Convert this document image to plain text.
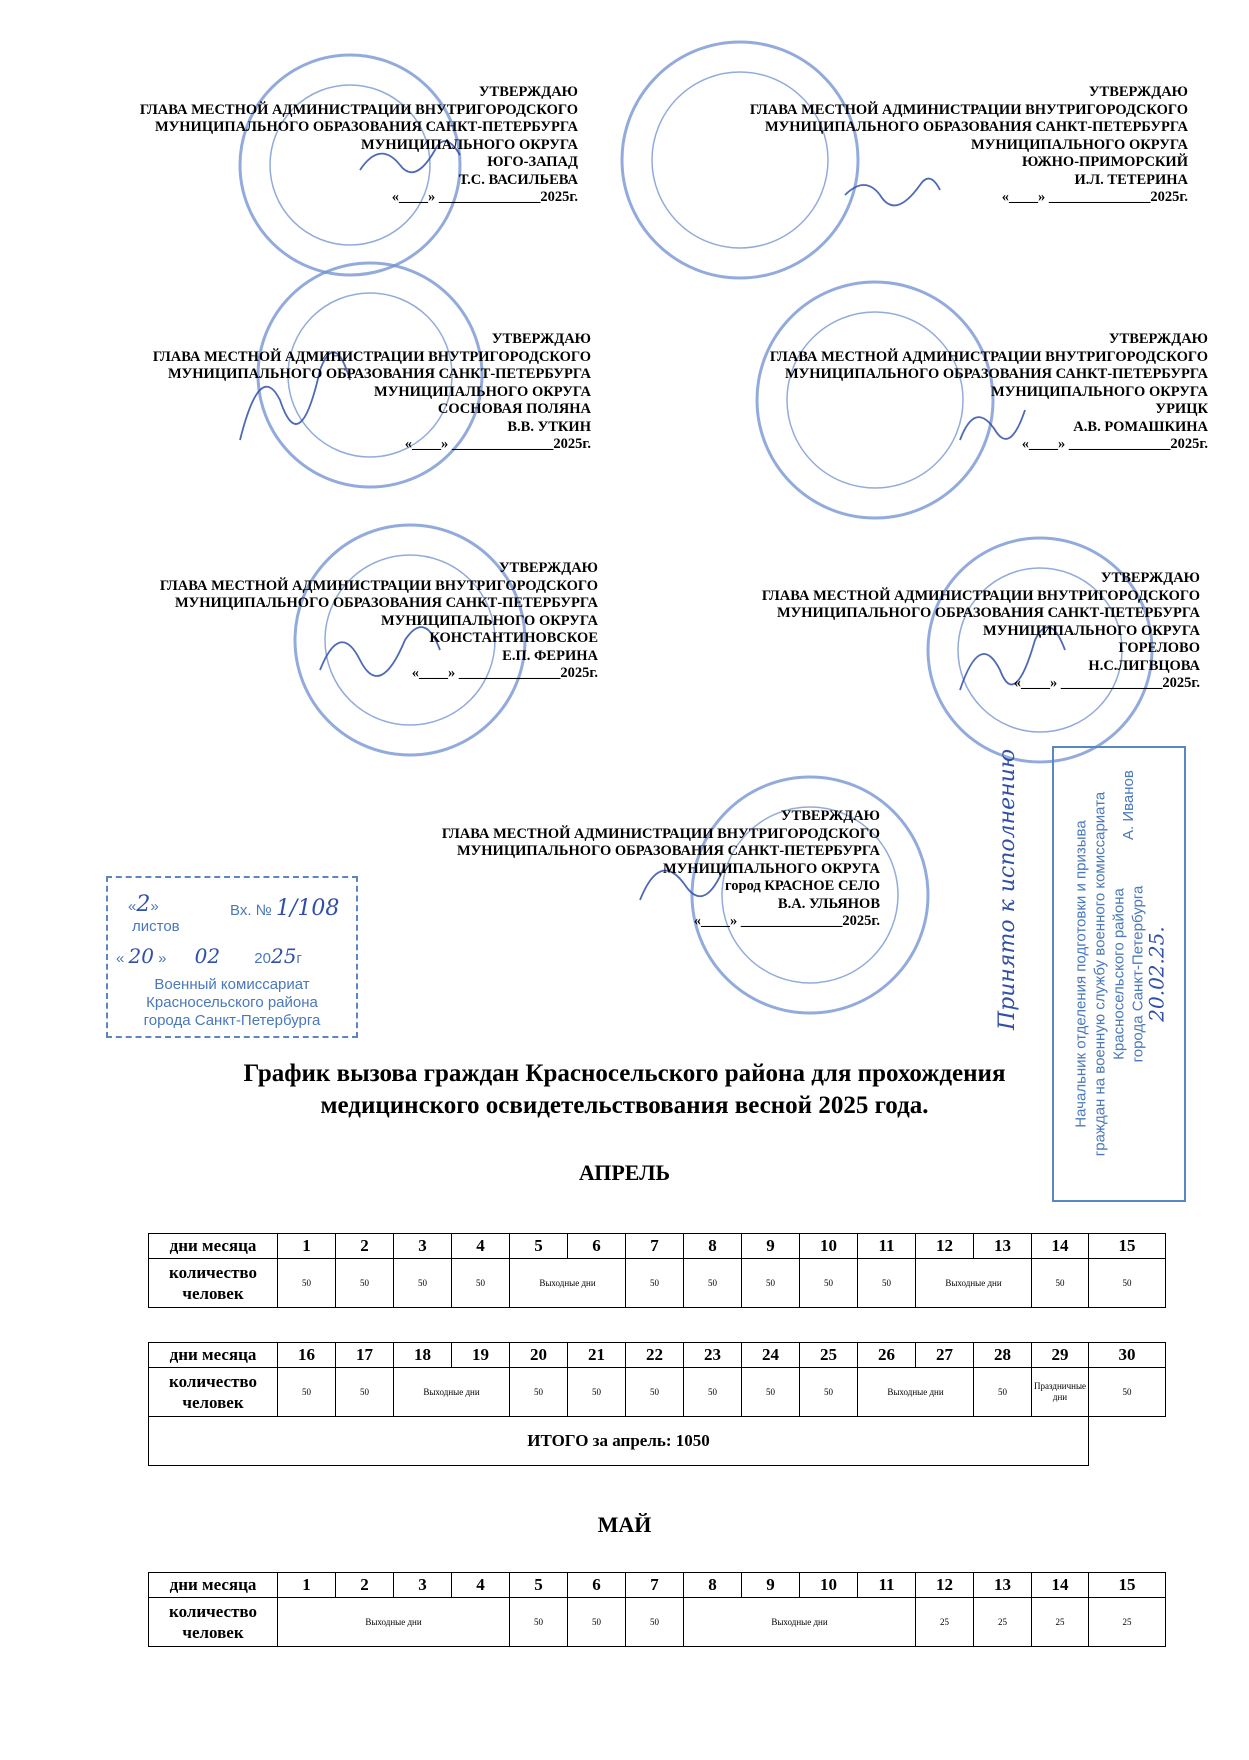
УТВЕРЖДАЮ
ГЛАВА МЕСТНОЙ АДМИНИСТРАЦИИ ВНУТРИГОРОДСКОГО
МУНИЦИПАЛЬНОГО ОБРАЗОВАНИЯ САНКТ-ПЕТЕРБУРГА
МУНИЦИПАЛЬНОГО ОКРУГА
ЮГО-ЗАПАД
Т.С. ВАСИЛЬЕВА
«____» ______________2025г.
УТВЕРЖДАЮ
ГЛАВА МЕСТНОЙ АДМИНИСТРАЦИИ ВНУТРИГОРОДСКОГО
МУНИЦИПАЛЬНОГО ОБРАЗОВАНИЯ САНКТ-ПЕТЕРБУРГА
МУНИЦИПАЛЬНОГО ОКРУГА
ЮЖНО-ПРИМОРСКИЙ
И.Л. ТЕТЕРИНА
«____» ______________2025г.
УТВЕРЖДАЮ
ГЛАВА МЕСТНОЙ АДМИНИСТРАЦИИ ВНУТРИГОРОДСКОГО
МУНИЦИПАЛЬНОГО ОБРАЗОВАНИЯ САНКТ-ПЕТЕРБУРГА
МУНИЦИПАЛЬНОГО ОКРУГА
СОСНОВАЯ ПОЛЯНА
В.В. УТКИН
«____» ______________2025г.
УТВЕРЖДАЮ
ГЛАВА МЕСТНОЙ АДМИНИСТРАЦИИ ВНУТРИГОРОДСКОГО
МУНИЦИПАЛЬНОГО ОБРАЗОВАНИЯ САНКТ-ПЕТЕРБУРГА
МУНИЦИПАЛЬНОГО ОКРУГА
УРИЦК
А.В. РОМАШКИНА
«____» ______________2025г.
УТВЕРЖДАЮ
ГЛАВА МЕСТНОЙ АДМИНИСТРАЦИИ ВНУТРИГОРОДСКОГО
МУНИЦИПАЛЬНОГО ОБРАЗОВАНИЯ САНКТ-ПЕТЕРБУРГА
МУНИЦИПАЛЬНОГО ОКРУГА
КОНСТАНТИНОВСКОЕ
Е.П. ФЕРИНА
«____» ______________2025г.
УТВЕРЖДАЮ
ГЛАВА МЕСТНОЙ АДМИНИСТРАЦИИ ВНУТРИГОРОДСКОГО
МУНИЦИПАЛЬНОГО ОБРАЗОВАНИЯ САНКТ-ПЕТЕРБУРГА
МУНИЦИПАЛЬНОГО ОКРУГА
ГОРЕЛОВО
Н.С.ЛИГВЦОВА
«____» ______________2025г.
УТВЕРЖДАЮ
ГЛАВА МЕСТНОЙ АДМИНИСТРАЦИИ ВНУТРИГОРОДСКОГО
МУНИЦИПАЛЬНОГО ОБРАЗОВАНИЯ САНКТ-ПЕТЕРБУРГА
МУНИЦИПАЛЬНОГО ОКРУГА
город КРАСНОЕ СЕЛО
В.А. УЛЬЯНОВ
«____» ______________2025г.
«2»
листов
Вх. № 1/108
« 20 » 02 2025г
Военный комиссариат
Красносельского района
города Санкт-Петербурга	Начальник отделения подготовки и призыва граждан на военную службу военного комиссариата Красносельского района города Санкт-Петербурга
20.02.25.
А. Иванов
Принято к исполнению
График вызова граждан Красносельского района для прохождения
медицинского освидетельствования весной 2025 года.
АПРЕЛЬ
дни месяца	1	2	3	4	5	6	7	8	9	10	11	12	13	14	15
количество человек	50	50	50	50	Выходные дни		50	50	50	50	50	Выходные дни		50	50
дни месяца	16	17	18	19	20	21	22	23	24	25	26	27	28	29	30
количество человек	50	50	Выходные дни		50	50	50	50	50	50	Выходные дни		50	Праздничные дни	50
ИТОГО за апрель: 1050															
МАЙ
дни месяца	1	2	3	4	5	6	7	8	9	10	11	12	13	14	15
количество человек	Выходные дни				50	50	50	Выходные дни				25	25	25	25
